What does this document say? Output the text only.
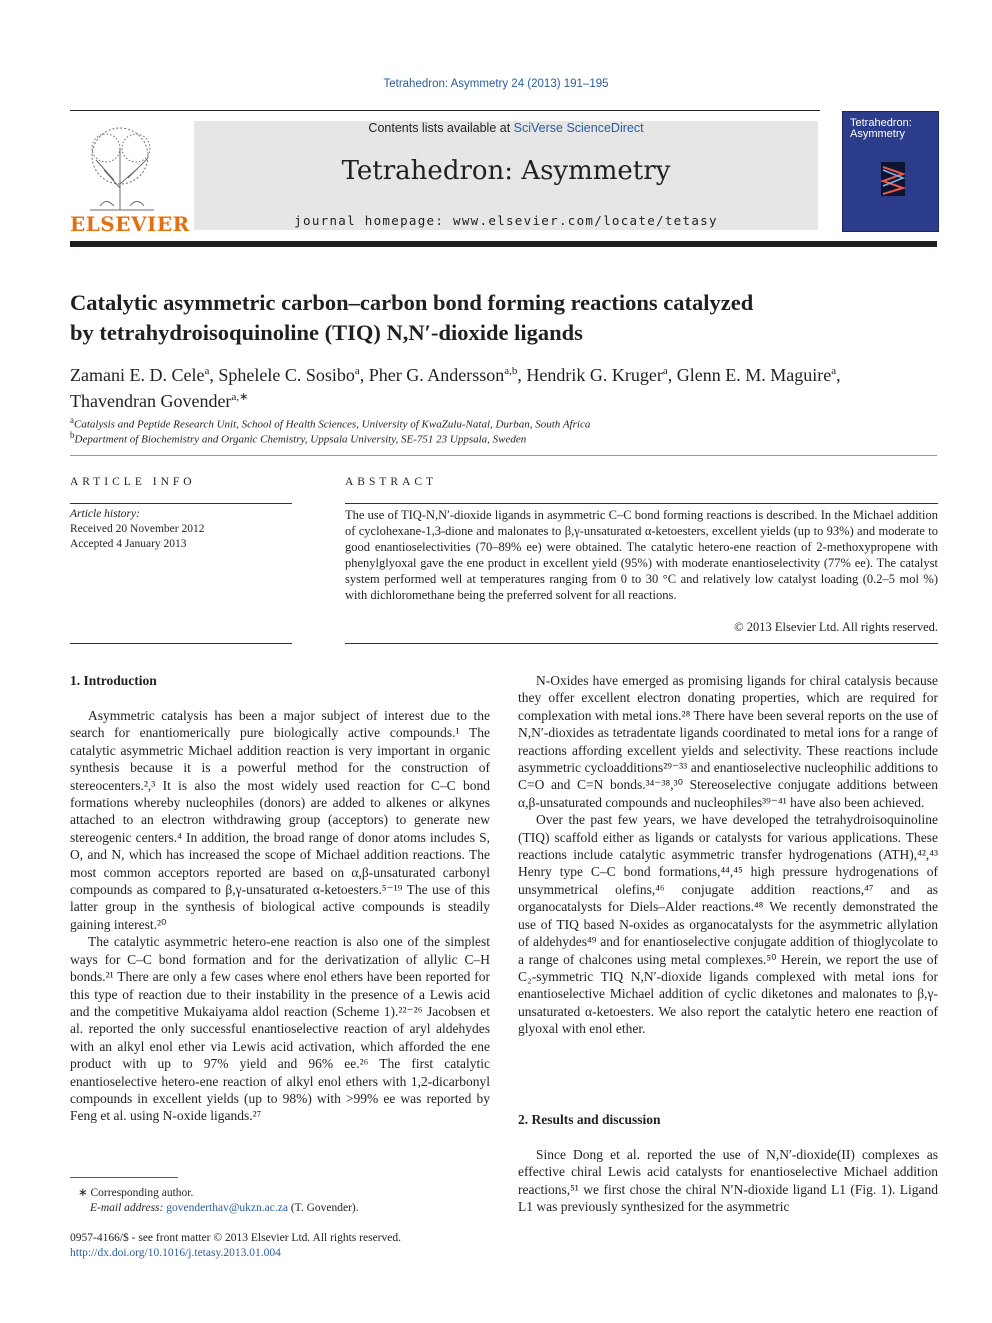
Tetrahedron: Asymmetry 24 (2013) 191–195
ELSEVIER
Contents lists available at SciVerse ScienceDirect
Tetrahedron: Asymmetry
journal homepage: www.elsevier.com/locate/tetasy
Tetrahedron: Asymmetry
Catalytic asymmetric carbon–carbon bond forming reactions catalyzed
by tetrahydroisoquinoline (TIQ) N,N′-dioxide ligands
Zamani E. D. Cele$^a$, Sphelele C. Sosibo$^a$, Pher G. Andersson$^{a,b}$, Hendrik G. Kruger$^a$, Glenn E. M. Maguire$^a$,
Thavendran Govender$^{a,∗}$
$^a$Catalysis and Peptide Research Unit, School of Health Sciences, University of KwaZulu-Natal, Durban, South Africa
$^b$Department of Biochemistry and Organic Chemistry, Uppsala University, SE-751 23 Uppsala, Sweden
ARTICLE INFO
Article history:
Received 20 November 2012
Accepted 4 January 2013
ABSTRACT
The use of TIQ-N,N′-dioxide ligands in asymmetric C–C bond forming reactions is described. In the Michael addition of cyclohexane-1,3-dione and malonates to β,γ-unsaturated α-ketoesters, excellent yields (up to 93%) and moderate to good enantioselectivities (70–89% ee) were obtained. The catalytic hetero-ene reaction of 2-methoxypropene with phenylglyoxal gave the ene product in excellent yield (95%) with moderate enantioselectivity (77% ee). The catalyst system performed well at temperatures ranging from 0 to 30 °C and relatively low catalyst loading (0.2–5 mol %) with dichloromethane being the preferred solvent for all reactions.
© 2013 Elsevier Ltd. All rights reserved.
1. Introduction

Asymmetric catalysis has been a major subject of interest due to the search for enantiomerically pure biologically active compounds.¹ The catalytic asymmetric Michael addition reaction is very important in organic synthesis because it is a powerful method for the construction of stereocenters.²,³ It is also the most widely used reaction for C–C bond formations whereby nucleophiles (donors) are added to alkenes or alkynes attached to an electron withdrawing group (acceptors) to generate new stereogenic centers.⁴ In addition, the broad range of donor atoms includes S, O, and N, which has increased the scope of Michael addition reactions. The most common acceptors reported are based on α,β-unsaturated carbonyl compounds as compared to β,γ-unsaturated α-ketoesters.⁵⁻¹⁹ The use of this latter group in the synthesis of biological active compounds is steadily gaining interest.²⁰

The catalytic asymmetric hetero-ene reaction is also one of the simplest ways for C–C bond formation and for the derivatization of allylic C–H bonds.²¹ There are only a few cases where enol ethers have been reported for this type of reaction due to their instability in the presence of a Lewis acid and the competitive Mukaiyama aldol reaction (Scheme 1).²²⁻²⁶ Jacobsen et al. reported the only successful enantioselective reaction of aryl aldehydes with an alkyl enol ether via Lewis acid activation, which afforded the ene product with up to 97% yield and 96% ee.²⁶ The first catalytic enantioselective hetero-ene reaction of alkyl enol ethers with 1,2-dicarbonyl compounds in excellent yields (up to 98%) with >99% ee was reported by Feng et al. using N-oxide ligands.²⁷

∗ Corresponding author.
E-mail address: govenderthav@ukzn.ac.za (T. Govender).
0957-4166/$ - see front matter © 2013 Elsevier Ltd. All rights reserved.
http://dx.doi.org/10.1016/j.tetasy.2013.01.004

N-Oxides have emerged as promising ligands for chiral catalysis because they offer excellent electron donating properties, which are required for complexation with metal ions.²⁸ There have been several reports on the use of N,N′-dioxides as tetradentate ligands coordinated to metal ions for a range of reactions affording excellent yields and selectivity. These reactions include asymmetric cycloadditions²⁹⁻³³ and enantioselective nucleophilic additions to C=O and C=N bonds.³⁴⁻³⁸,³⁰ Stereoselective conjugate additions between α,β-unsaturated compounds and nucleophiles³⁹⁻⁴¹ have also been achieved.

Over the past few years, we have developed the tetrahydroisoquinoline (TIQ) scaffold either as ligands or catalysts for various applications. These reactions include catalytic asymmetric transfer hydrogenations (ATH),⁴²,⁴³ Henry type C–C bond formations,⁴⁴,⁴⁵ high pressure hydrogenations of unsymmetrical olefins,⁴⁶ conjugate addition reactions,⁴⁷ and as organocatalysts for Diels–Alder reactions.⁴⁸ We recently demonstrated the use of TIQ based N-oxides as organocatalysts for the asymmetric allylation of aldehydes⁴⁹ and for enantioselective conjugate addition of thioglycolate to a range of chalcones using metal complexes.⁵⁰ Herein, we report the use of C₂-symmetric TIQ N,N′-dioxide ligands complexed with metal ions for enantioselective Michael addition of cyclic diketones and malonates to β,γ-unsaturated α-ketoesters. We also report the catalytic hetero ene reaction of glyoxal with enol ether.

2. Results and discussion

Since Dong et al. reported the use of N,N′-dioxide(II) complexes as effective chiral Lewis acid catalysts for enantioselective Michael addition reactions,⁵¹ we first chose the chiral N′N-dioxide ligand L1 (Fig. 1). Ligand L1 was previously synthesized for the asymmetric
